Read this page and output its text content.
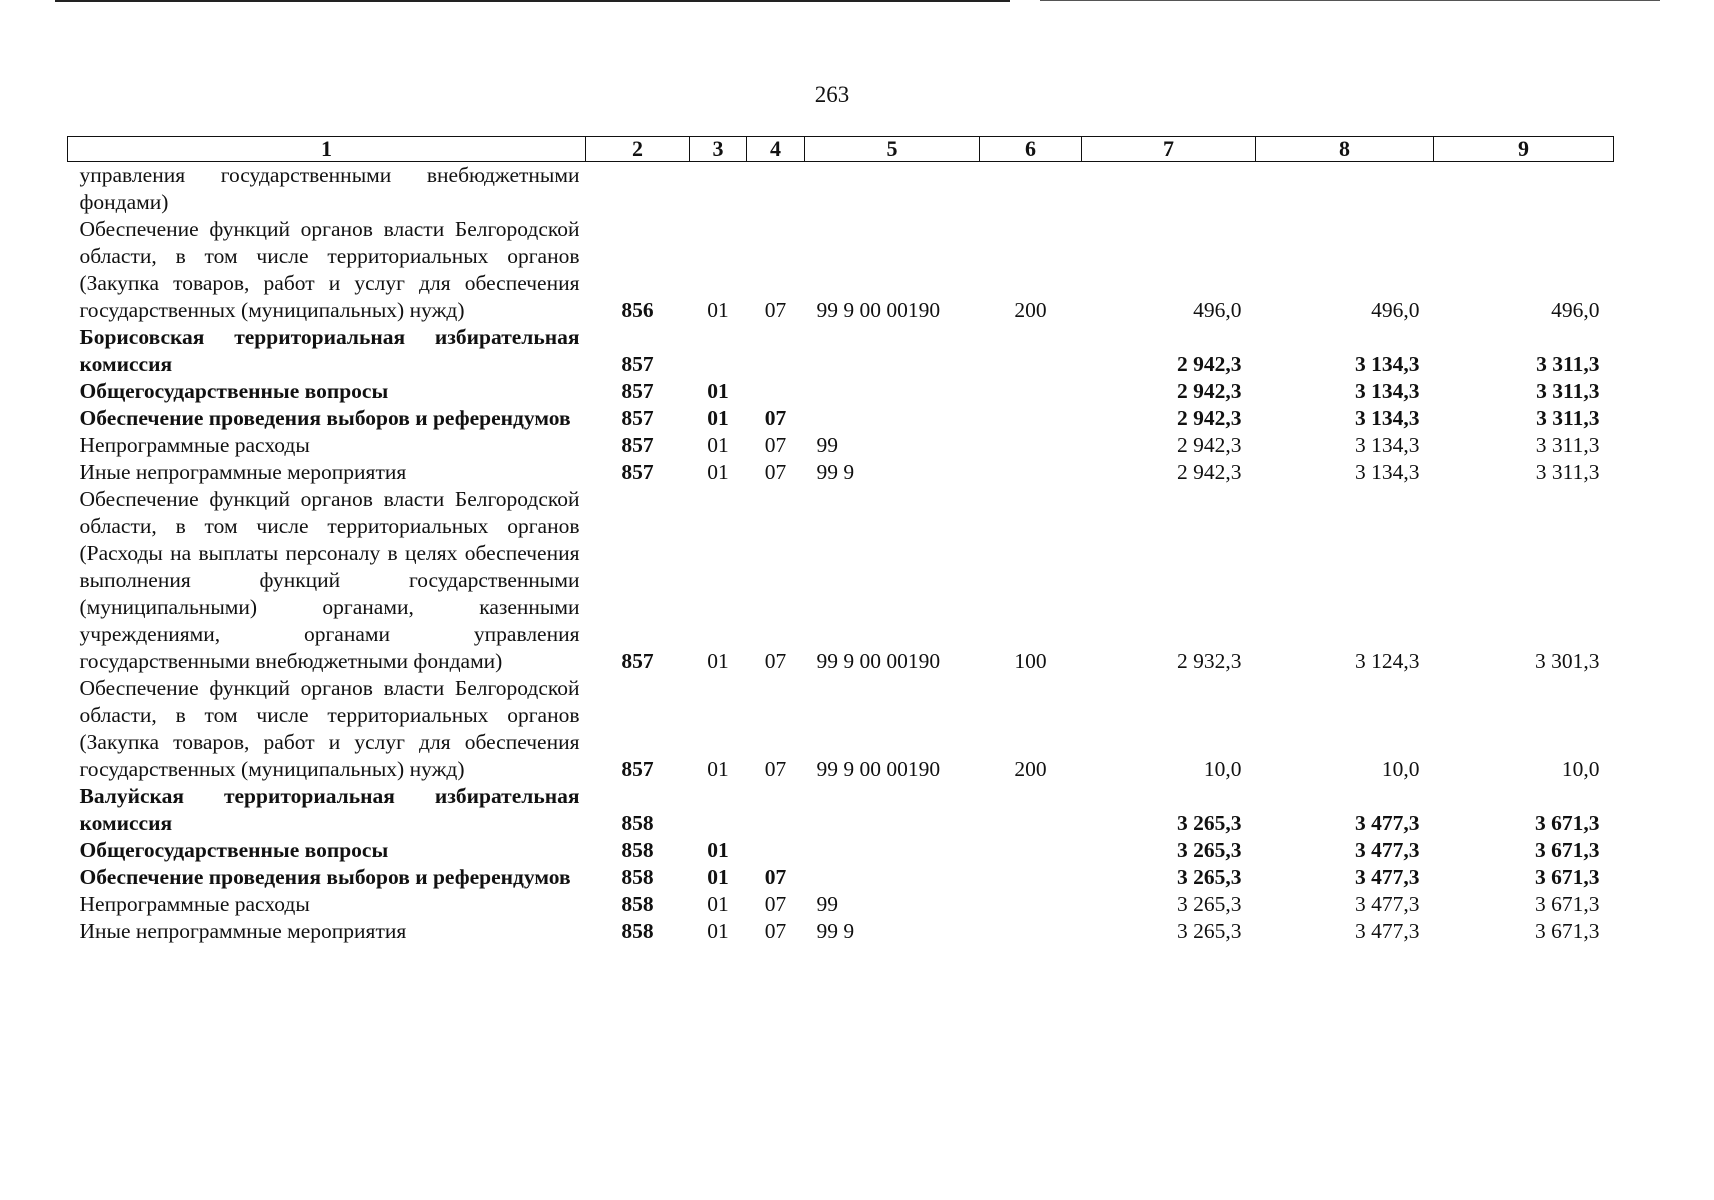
263
1	2	3	4	5	6	7	8	9
управления государственными внебюджетными фондами)								
Обеспечение функций органов власти Белгородской области, в том числе территориальных органов (Закупка товаров, работ и услуг для обеспечения государственных (муниципальных) нужд)	856	01	07	99 9 00 00190	200	496,0	496,0	496,0
Борисовская территориальная избирательная комиссия	857					2 942,3	3 134,3	3 311,3
Общегосударственные вопросы	857	01				2 942,3	3 134,3	3 311,3
Обеспечение проведения выборов и референдумов	857	01	07			2 942,3	3 134,3	3 311,3
Непрограммные расходы	857	01	07	99		2 942,3	3 134,3	3 311,3
Иные непрограммные мероприятия	857	01	07	99 9		2 942,3	3 134,3	3 311,3
Обеспечение функций органов власти Белгородской области, в том числе территориальных органов (Расходы на выплаты персоналу в целях обеспечения выполнения функций государственными (муниципальными) органами, казенными учреждениями, органами управления государственными внебюджетными фондами)	857	01	07	99 9 00 00190	100	2 932,3	3 124,3	3 301,3
Обеспечение функций органов власти Белгородской области, в том числе территориальных органов (Закупка товаров, работ и услуг для обеспечения государственных (муниципальных) нужд)	857	01	07	99 9 00 00190	200	10,0	10,0	10,0
Валуйская территориальная избирательная комиссия	858					3 265,3	3 477,3	3 671,3
Общегосударственные вопросы	858	01				3 265,3	3 477,3	3 671,3
Обеспечение проведения выборов и референдумов	858	01	07			3 265,3	3 477,3	3 671,3
Непрограммные расходы	858	01	07	99		3 265,3	3 477,3	3 671,3
Иные непрограммные мероприятия	858	01	07	99 9		3 265,3	3 477,3	3 671,3
